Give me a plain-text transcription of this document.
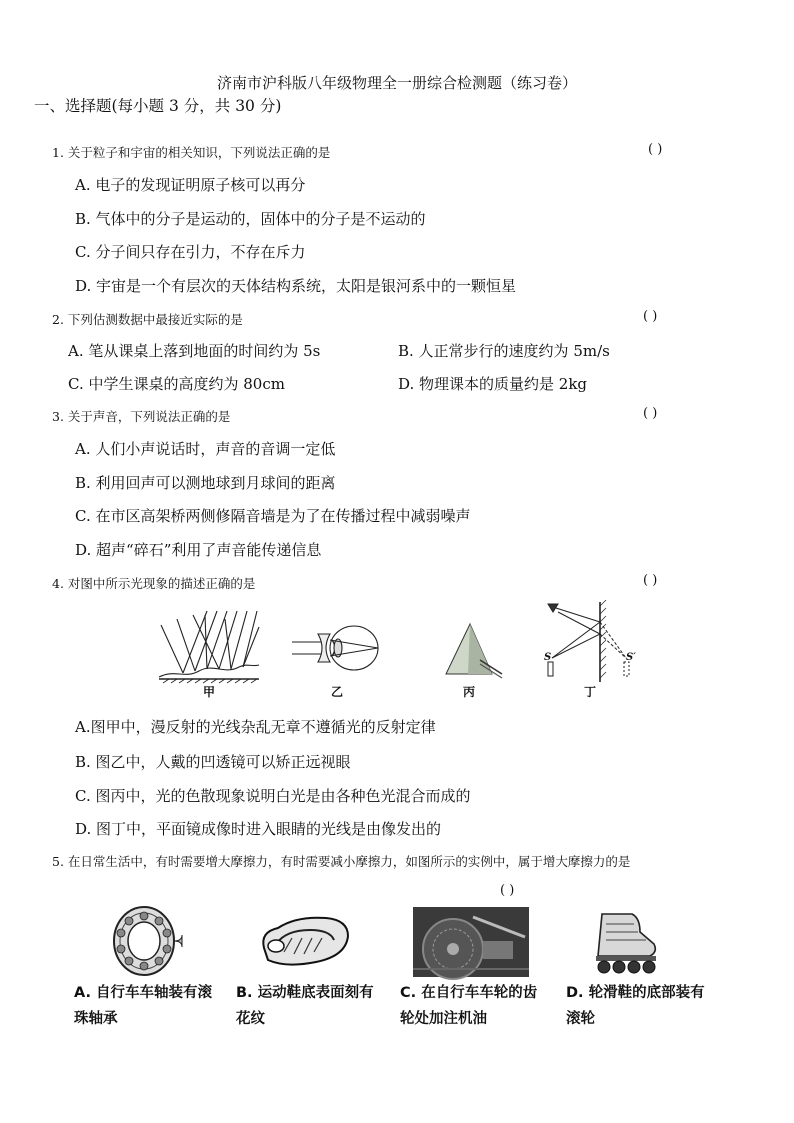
济南市沪科版八年级物理全一册综合检测题（练习卷）
一、选择题(每小题 3 分，共 30 分)
1. 关于粒子和宇宙的相关知识，下列说法正确的是	( )
A. 电子的发现证明原子核可以再分
B. 气体中的分子是运动的，固体中的分子是不运动的
C. 分子间只存在引力，不存在斥力
D. 宇宙是一个有层次的天体结构系统，太阳是银河系中的一颗恒星
2. 下列估测数据中最接近实际的是	( )
A. 笔从课桌上落到地面的时间约为 5s	B. 人正常步行的速度约为 5m/s
C. 中学生课桌的高度约为 80cm	D. 物理课本的质量约是 2kg
3. 关于声音，下列说法正确的是	( )
A. 人们小声说话时，声音的音调一定低
B. 利用回声可以测地球到月球间的距离
C. 在市区高架桥两侧修隔音墙是为了在传播过程中减弱噪声
D. 超声“碎石”利用了声音能传递信息
4. 对图中所示光现象的描述正确的是	( )
甲	乙	丙
S	S′
丁
A.图甲中，漫反射的光线杂乱无章不遵循光的反射定律
B. 图乙中，人戴的凹透镜可以矫正远视眼
C. 图丙中，光的色散现象说明白光是由各种色光混合而成的
D. 图丁中，平面镜成像时进入眼睛的光线是由像发出的
5. 在日常生活中，有时需要增大摩擦力，有时需要减小摩擦力，如图所示的实例中，属于增大摩擦力的是
( )
A. 自行车车轴装有滚珠轴承
B. 运动鞋底表面刻有花纹
C. 在自行车车轮的齿轮处加注机油
D. 轮滑鞋的底部装有滚轮
